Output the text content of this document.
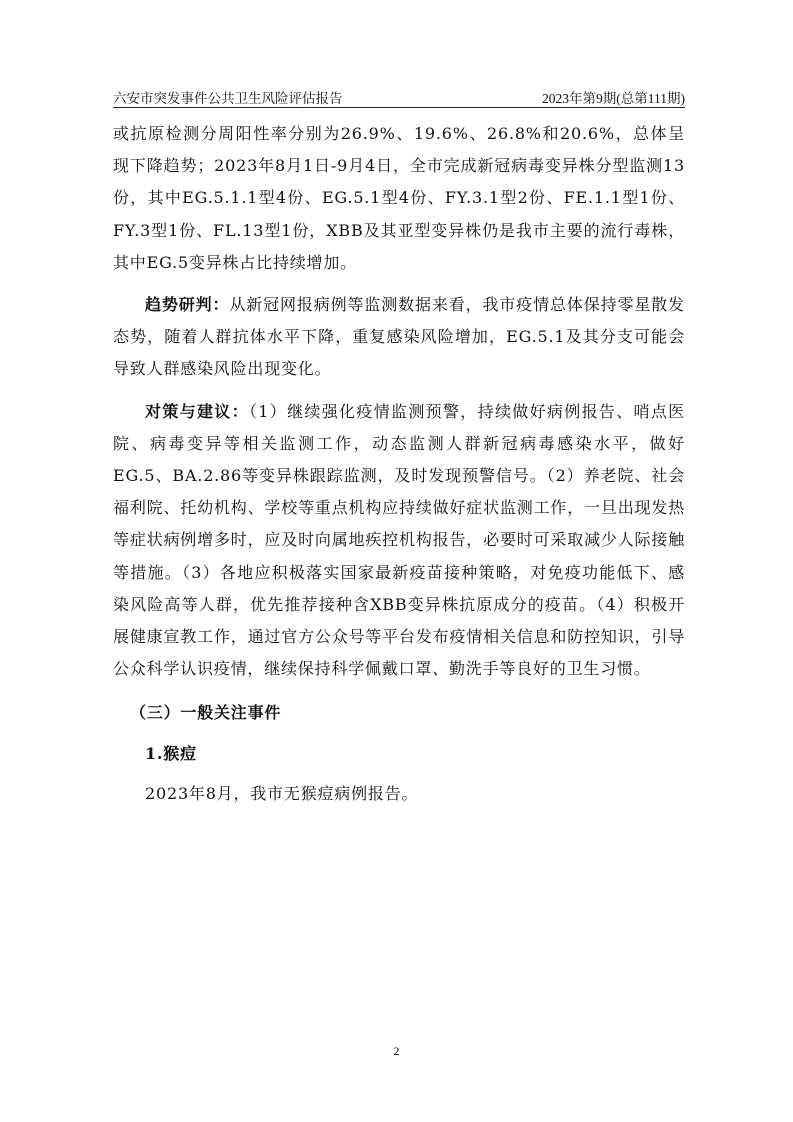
六安市突发事件公共卫生风险评估报告	2023年第9期(总第111期)

或抗原检测分周阳性率分别为26.9%、19.6%、26.8%和20.6%，总体呈现下降趋势；2023年8月1日-9月4日，全市完成新冠病毒变异株分型监测13份，其中EG.5.1.1型4份、EG.5.1型4份、FY.3.1型2份、FE.1.1型1份、FY.3型1份、FL.13型1份，XBB及其亚型变异株仍是我市主要的流行毒株，其中EG.5变异株占比持续增加。

趋势研判：从新冠网报病例等监测数据来看，我市疫情总体保持零星散发态势，随着人群抗体水平下降，重复感染风险增加，EG.5.1及其分支可能会导致人群感染风险出现变化。

对策与建议：（1）继续强化疫情监测预警，持续做好病例报告、哨点医院、病毒变异等相关监测工作，动态监测人群新冠病毒感染水平，做好EG.5、BA.2.86等变异株跟踪监测，及时发现预警信号。（2）养老院、社会福利院、托幼机构、学校等重点机构应持续做好症状监测工作，一旦出现发热等症状病例增多时，应及时向属地疾控机构报告，必要时可采取减少人际接触等措施。（3）各地应积极落实国家最新疫苗接种策略，对免疫功能低下、感染风险高等人群，优先推荐接种含XBB变异株抗原成分的疫苗。（4）积极开展健康宣教工作，通过官方公众号等平台发布疫情相关信息和防控知识，引导公众科学认识疫情，继续保持科学佩戴口罩、勤洗手等良好的卫生习惯。

（三）一般关注事件

1.猴痘

2023年8月，我市无猴痘病例报告。

2
